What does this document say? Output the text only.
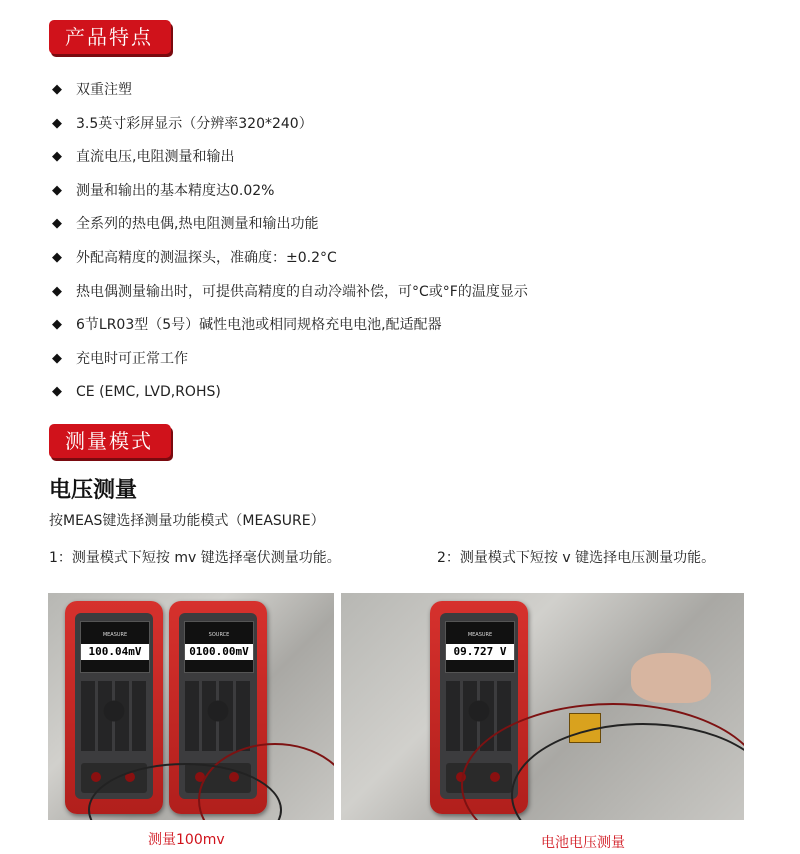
产品特点
◆ 双重注塑
◆ 3.5英寸彩屏显示（分辨率320*240）
◆ 直流电压,电阻测量和输出
◆ 测量和输出的基本精度达0.02%
◆ 全系列的热电偶,热电阻测量和输出功能
◆ 外配高精度的测温探头，准确度：±0.2°C
◆ 热电偶测量输出时，可提供高精度的自动冷端补偿，可°C或°F的温度显示
◆ 6节LR03型（5号）碱性电池或相同规格充电电池,配适配器
◆ 充电时可正常工作
◆ CE (EMC, LVD,ROHS)
测量模式
电压测量
按MEAS键选择测量功能模式（MEASURE）
1：测量模式下短按 mv 键选择毫伏测量功能。	2：测量模式下短按 v 键选择电压测量功能。
MEASURE
100.04mV
SOURCE
0100.00mV
MEASURE
09.727 V
测量100mv	电池电压测量
